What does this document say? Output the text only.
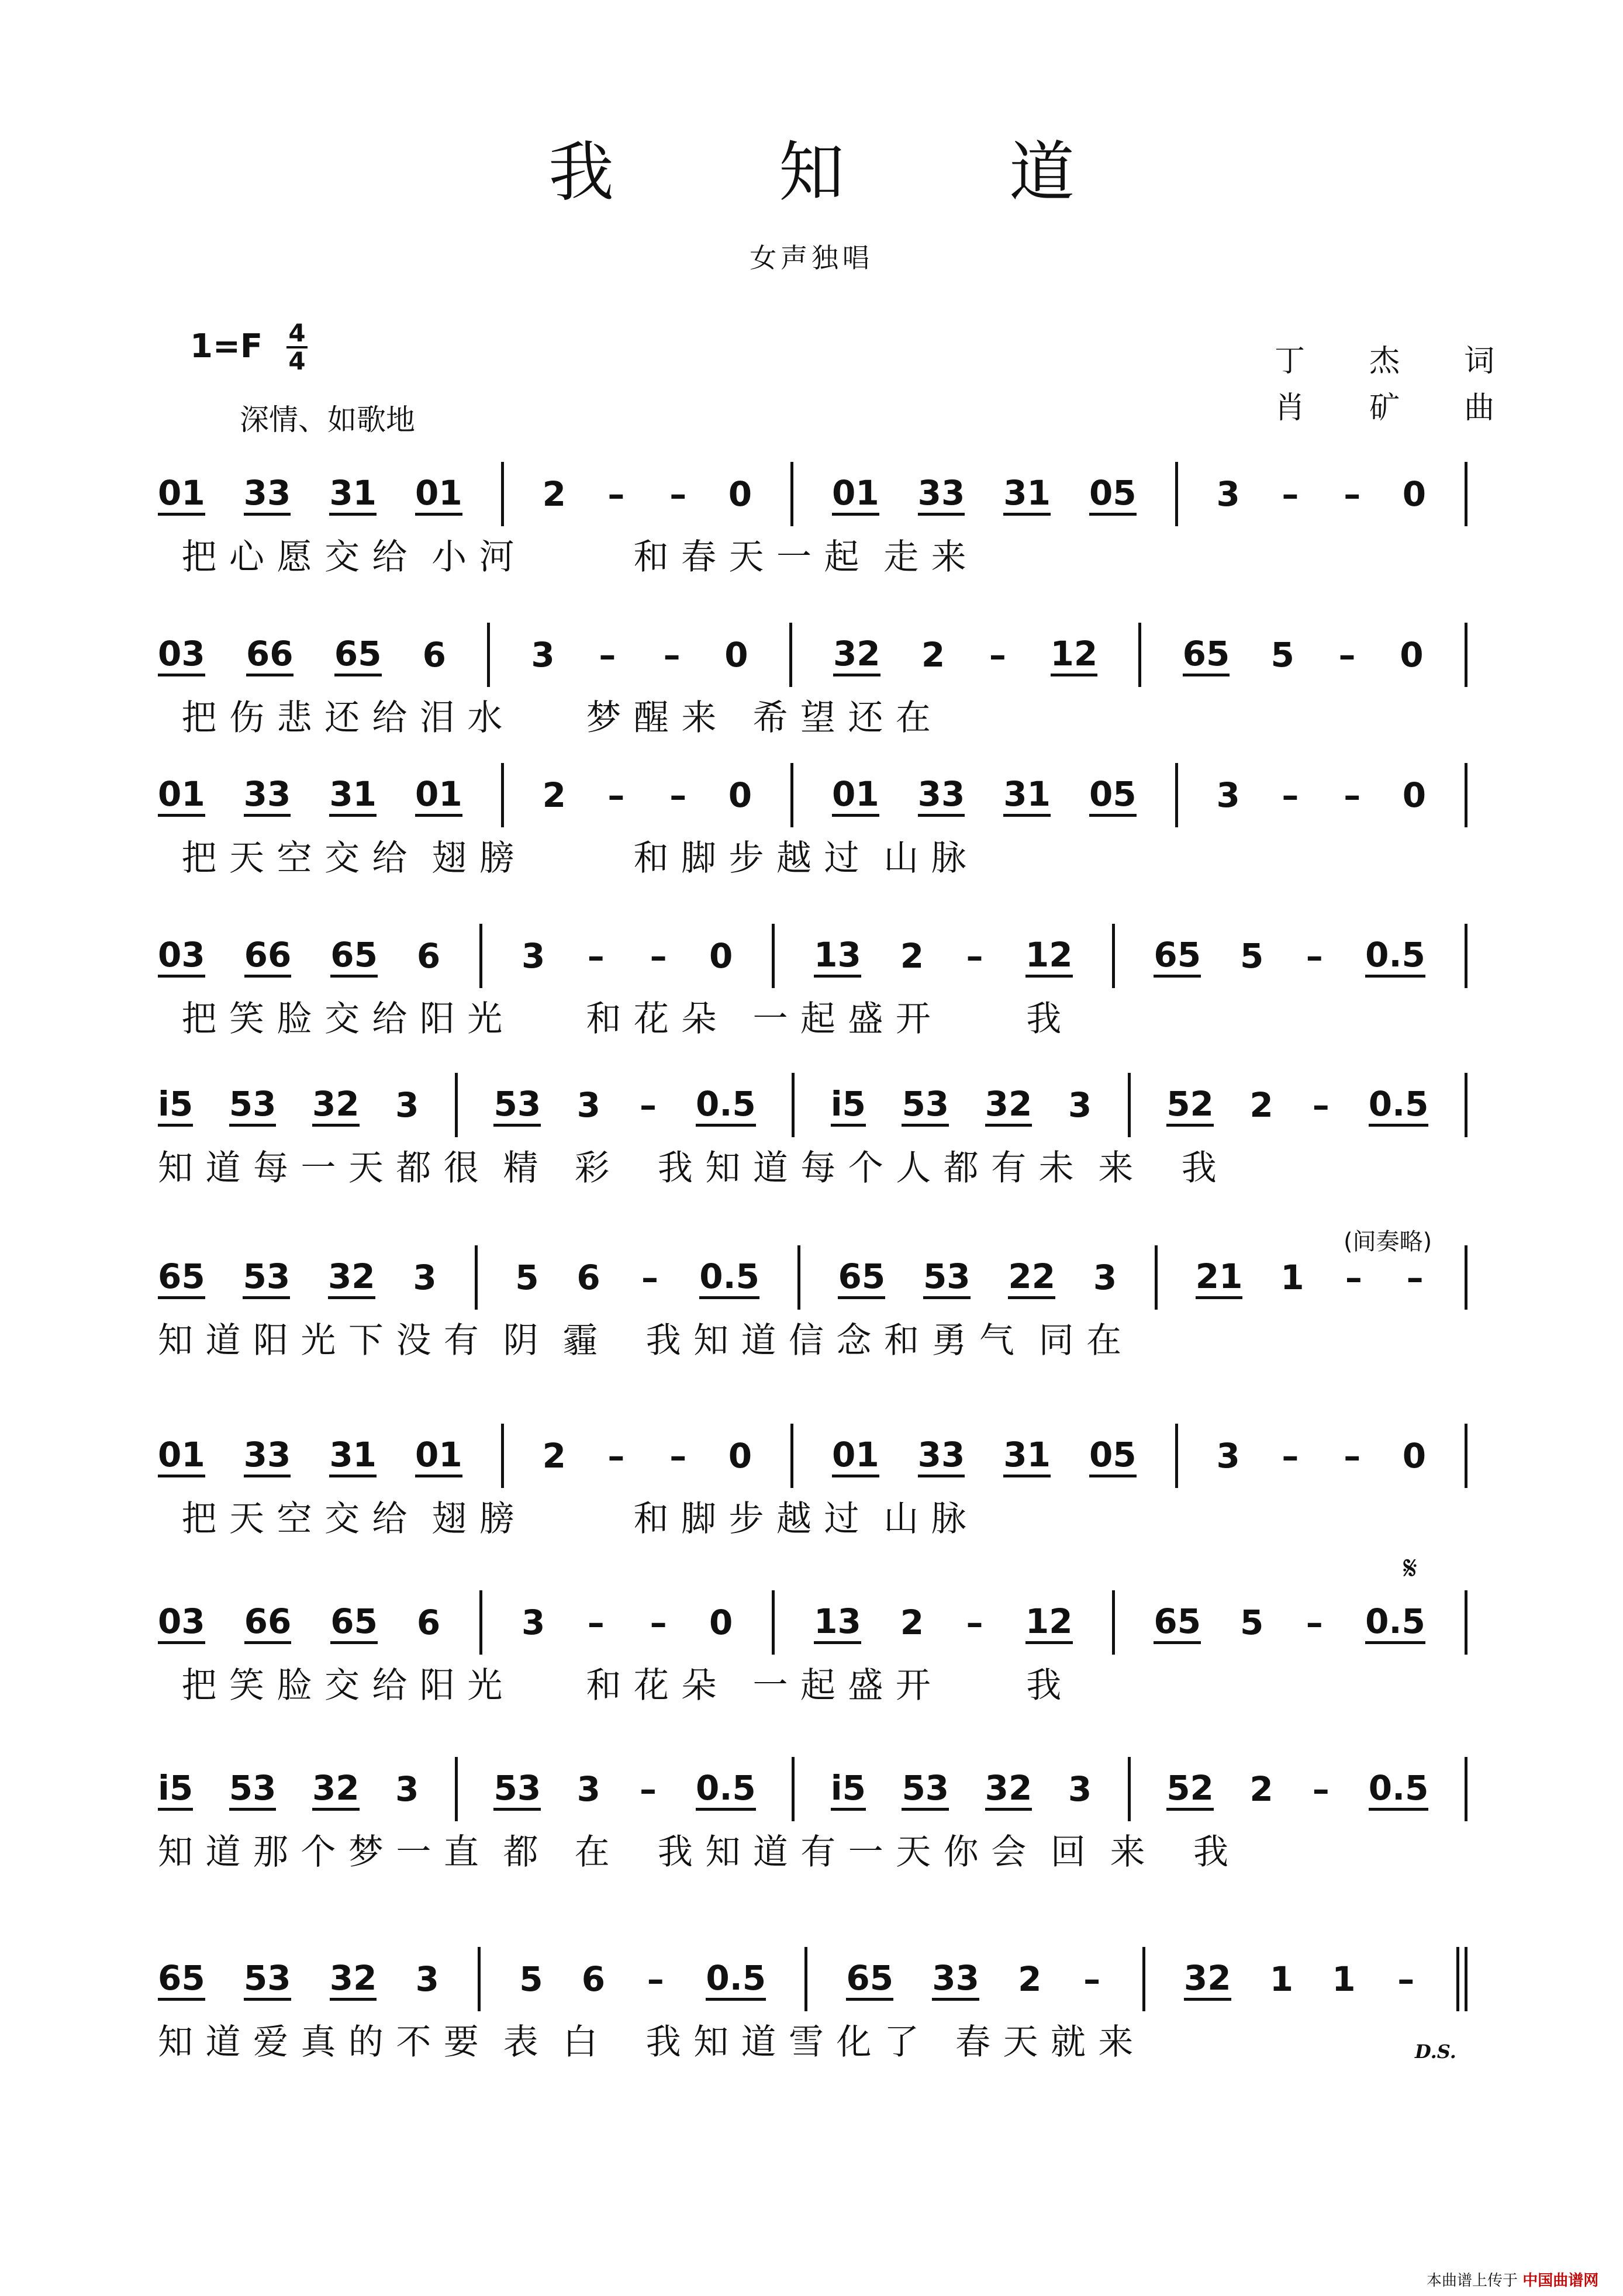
我 知 道
女声独唱
1=F 4
4
深情、如歌地
丁 杰 词
肖 矿 曲
01 33 31 01 2 – – 0 01 33 31 05 3 – – 0
把 心 愿 交 给  小 河          和 春 天 一 起  走 来
03 66 65 6	3 – – 0	32 2 – 12	65 5 – 0
把 伤 悲 还 给 泪 水       梦 醒 来   希 望 还 在
01 33 31 01 2 – – 0 01 33 31 05 3 – – 0
把 天 空 交 给  翅 膀          和 脚 步 越 过  山 脉
03 66 65 6 3 – – 0 13 2 – 12 65 5 – 0.5
把 笑 脸 交 给 阳 光       和 花 朵   一 起 盛 开        我
i5 53 32 3 53 3 – 0.5 i5 53 32 3 52 2 – 0.5
知 道 每 一 天 都 很  精   彩    我 知 道 每 个 人 都 有 未  来    我
65 53 32 3 5 6 – 0.5 65 53 22 3 21 1 – –
知 道 阳 光 下 没 有  阴  霾    我 知 道 信 念 和 勇 气  同 在
01 33 31 01 2 – – 0 01 33 31 05 3 – – 0
把 天 空 交 给  翅 膀          和 脚 步 越 过  山 脉
03 66 65 6 3 – – 0 13 2 – 12 65 5 – 0.5
把 笑 脸 交 给 阳 光       和 花 朵   一 起 盛 开        我
i5 53 32 3 53 3 – 0.5 i5 53 32 3 52 2 – 0.5
知 道 那 个 梦 一 直  都   在    我 知 道 有 一 天 你 会  回  来    我
65 53 32 3 5 6 – 0.5 65 33 2 – 32 1 1 –
知 道 爱 真 的 不 要  表  白    我 知 道 雪 化 了   春 天 就 来
(间奏略)
𝄋
D.S.
本曲谱上传于 中国曲谱网
